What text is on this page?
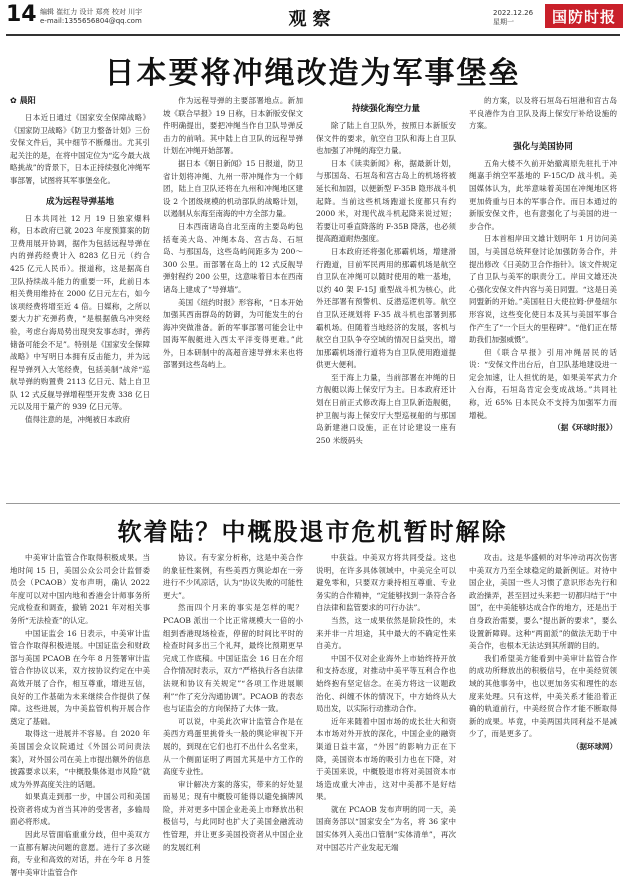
14 编辑 崔红力 设计 郑亮 校对 川宇
e-mail:1355656804@qq.com	观察	2022.12.26
星期一	国防时报
日本要将冲绳改造为军事堡垒
✿ 晨阳

日本近日通过《国家安全保障战略》《国家防卫战略》《防卫力整备计划》三份安保文件后，其中细节不断爆出。尤其引起关注的是，在将中国定位为“迄今最大战略挑战”的背景下，日本正持续强化冲绳军事部署，试图将其军事堡垒化。

成为远程导弹基地

日本共同社 12 月 19 日独家爆料称，日本政府已就 2023 年度预算案的防卫费用展开协调，据作为包括远程导弹在内的弹药经费计入 8283 亿日元（约合 425 亿元人民币）。报道称，这是据高自卫队持续战斗能力的重要一环，此前日本相关费用维持在 2000 亿日元左右，如今该项经费将增至近 4 倍。日媒称，之所以要大力扩充弹药费，“是根据俄乌冲突经验，考虑台海局势出现突发事态时，弹药储备可能会不足”。特别是《国家安全保障战略》中写明日本拥有反击能力，并为远程导弹列入大笔经费，包括美制“战斧“巡航导弹的购置费 2113 亿日元、陆上自卫队 12 式反舰导弹增程型开发费 338 亿日元以及用于量产的 939 亿日元等。

值得注意的是，冲绳被日本政府

作为远程导弹的主要部署地点。新加坡《联合早报》19 日称，日本新版安保文件明确提出，要把冲绳当作自卫队导弹反击力的前哨。其中陆上自卫队的远程导弹计划在冲绳开始部署。

据日本《朝日新闻》15 日报道，防卫省计划将冲绳、九州一带冲绳作为一个师团，陆上自卫队还将在九州和冲绳地区建设 2 个团级规模的机动部队的战略计划，以遏制从东海至南海的中方全部力量。

日本西南诸岛自北至南的主要岛屿包括奄美大岛、冲绳本岛、宫古岛、石垣岛、与那国岛，这些岛屿间距多为 200～300 公里。而部署在岛上的 12 式反舰导弹射程约 200 公里，这意味着日本在西南诸岛上建成了“导弹墙”。

美国《纽约时报》形容称，“日本开始加强其西南群岛的防御，为可能发生的台海冲突做准备。新的军事部署可能会让中国海军舰艇进入西太平洋变得更难。”此外，日本研制中的高超音速导弹未来也将部署到这些岛屿上。

持续强化海空力量

除了陆上自卫队外，按照日本新版安保文件的要求，航空自卫队和海上自卫队也加强了冲绳的海空力量。

日本《读卖新闻》称，据最新计划，与那国岛、石垣岛和宫古岛上的机场将被延长和加固，以便新型 F-35B 隐形战斗机起降。当前这些机场跑道长度都只有约 2000 米，对现代战斗机起降来说过短；若要让可垂直降落的 F-35B 降落，也必须提高跑道耐热强度。

日本政府还将强化那霸机场，增建滑行跑道，目前军民两用的那霸机场是航空自卫队在冲绳可以随时使用的唯一基地，以约 40 架 F-15J 重型战斗机为核心，此外还部署有预警机、反潜巡逻机等。航空自卫队还规划将 F-35 战斗机也部署到那霸机场。但随着当地经济的发展，客机与航空自卫队争夺空域的情况日益突出，增加那霸机场滑行道将为自卫队使用跑道提供更大便利。

至于海上力量，当前部署在冲绳的日方舰艇以海上保安厅为主。日本政府还计划在日前正式修改海上自卫队新造舰艇，护卫舰与海上保安厅大型巡视船的与那国岛新建港口设施，正在讨论建设一座有 250 米级码头

的方案，以及将石垣岛石垣港和宫古岛平良港作为自卫队及海上保安厅补给设施的方案。

强化与美国协同

五角大楼不久前开始撤离原先驻扎于冲绳嘉手纳空军基地的 F-15C/D 战斗机。美国媒体认为，此举意味着美国在冲绳地区将更加倚重与日本的军事合作。而日本通过的新版安保文件，也有意强化了与美国的进一步合作。

日本首相岸田文雄计划明年 1 月访问美国，与美国总统拜登讨论加强防务合作，并提出修改《日美防卫合作指针》。该文件规定了自卫队与美军的职责分工。岸田文雄还决心强化安保文件内容与美日同盟。“这是日美同盟新的开始。”美国驻日大使拉姆·伊曼纽尔形容说，这些变化使日本及其与美国军事合作产生了“一个巨大的里程碑”。“他们正在帮助我们加强威慑”。

但《联合早报》引用冲绳居民的话说：“安保文件出台后，自卫队基地建设进一定会加速，让人担忧的是，如果美军武力介入台海，石垣岛肯定会变成战场。”共同社称，近 65% 日本民众不支持为加强军力而增税。

（据《环球时报》）

软着陆？中概股退市危机暂时解除

中美审计监管合作取得积极成果。当地时间 15 日，美国公众公司会计监督委员会（PCAOB）发布声明，确认 2022 年度可以对中国内地和香港会计师事务所完成检查和调查，撤销 2021 年对相关事务所“无法检查”的认定。

中国证监会 16 日表示，中美审计监管合作取得积极进展。中国证监会和财政部与美国 PCAOB 在今年 8 月签署审计监管合作协议以来，双方按协议约定在中美高效开展了合作，相互尊重，增进互信，良好的工作基础为未来继续合作提供了保障。这些进展，为中美监管机构开展合作奠定了基础。

取得这一进展并不容易。自 2020 年美国国会众议院通过《外国公司问责法案》，对外国公司在美上市提出额外的信息披露要求以来，“中概股集体退市风险”就成为外界高度关注的话题。

如果真走到那一步，中国公司和美国投资者将成为首当其冲的受害者，多输局面必将形成。

因此尽管面临重重分歧，但中美双方一直都有解决问题的意愿。进行了多次磋商，专业和高效的对话，并在今年 8 月签署中美审计监管合作

协议。有专家分析称，这是中美合作的象征性案例，有些美西方舆论却在一旁进行不少风凉话，认为“协议失败的可能性更大”。

然而四个月来的事实是怎样的呢？PCAOB 派出一个比正常规模大一倍的小组到香港现场检查，停留的时间比平时的检查时间多出三个礼拜，最终比预期更早完成工作底稿。中国证监会 16 日在介绍合作情况时表示，双方“严格执行各自法律法规和协议有关规定”“各项工作进展顺利”“作了充分沟通协调”。PCAOB 的表态也与证监会的方向保持了大体一致。

可以说，中美此次审计监管合作是在美西方鸡蛋里挑骨头一般的舆论审视下开展的，到现在它们也打不出什么名堂来，从一个侧面证明了两国尤其是中方工作的高度专业性。

审计解决方案的落实，带来的好处显而易见；现有中概股可能得以避免摘牌风险，并对更多中国企业赴美上市释放出积极信号，与此同时也扩大了美国金融流动性管理，并让更多美国投资者从中国企业的发展红利

中获益。中美双方将共同受益。这也说明，在许多具体领域中，中美完全可以避免零和，只要双方秉持相互尊重、专业务实的合作精神，“定能够找到一条符合各自法律和监管要求的可行办法”。

当然，这一成果依然是阶段性的，未来并非一片坦途，其中最大的不确定性来自美方。

中国不仅对企业海外上市始终持开放和支持态度，对推动中美平等互利合作也始终抱有坚定信念。在美方将这一议题政治化、纠缠不休的情况下，中方始终从大局出发，以实际行动推动合作。

近年来随着中国市场的成长壮大和资本市场对外开放的深化，中国企业的融资渠道日益丰富，“外因”的影响力正在下降，美国资本市场的吸引力也在下降，对于美国来说，中概股退市将对美国资本市场造成重大冲击，这对中美都不是好结果。

就在 PCAOB 发布声明的同一天，美国商务部以“国家安全”为名，将 36 家中国实体列入美出口管制“实体清单”，再次对中国芯片产业发起无端

攻击。这是华盛顿的对华冲动再次伤害中美双方乃至全球稳定的最新例证。对待中国企业，美国一些人习惯了意识形态先行和政治操弄，甚至回过头来把一切都归结于“中国”，在中美能够达成合作的地方，还是出于自身政治需要，要么“提出新的要求”，要么设置新障碍。这种“两面派”的做法无助于中美合作，也根本无法达到其所谓的目的。

我们希望美方能看到中美审计监管合作的成功所释放出的积极信号，在中美经贸领域的其他事务中，也以更加务实和理性的态度来处理。只有这样，中美关系才能沿着正确的轨道前行，中美经贸合作才能不断取得新的成果。毕竟，中美两国共同利益不是减少了，而是更多了。

（据环球网）
